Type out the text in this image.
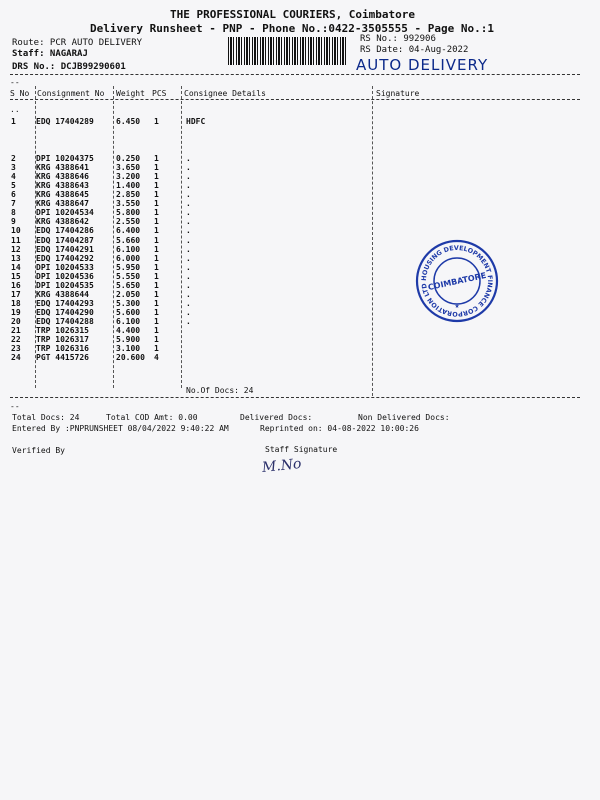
THE PROFESSIONAL COURIERS, Coimbatore
Delivery Runsheet - PNP - Phone No.:0422-3505555 - Page No.:1
Route: PCR AUTO DELIVERY
Staff: NAGARAJ
DRS No.: DCJB99290601
RS No.: 992906
RS Date: 04-Aug-2022
AUTO DELIVERY
--
S No Consignment No Weight PCS Consignee Details	Signature
..
1	EDQ 17404289	6.450 1	HDFC
2	DPI 10204375	0.250 1	.
3	KRG 4388641	3.650 1	.
4	KRG 4388646	3.200 1	.
5	KRG 4388643	1.400 1	.
6	KRG 4388645	2.850 1	.
7	KRG 4388647	3.550 1	.
8	DPI 10204534	5.800 1	.
9	KRG 4388642	2.550 1	.
10 EDQ 17404286	6.400 1	.
11 EDQ 17404287	5.660 1	.
12 EDQ 17404291	6.100 1	.
13 EDQ 17404292	6.000 1	.
14 DPI 10204533	5.950 1	.
15 DPI 10204536	5.550 1	.
16 DPI 10204535	5.650 1	.
17 KRG 4388644	2.050 1	.
18 EDQ 17404293	5.300 1	.
19 EDQ 17404290	5.600 1	.
20 EDQ 17404288	6.100 1	.
21 TRP 1026315	4.400 1
22 TRP 1026317	5.900 1
23 TRP 1026316	3.100 1
24 PGT 4415726	20.600 4
No.Of Docs: 24
--
Total Docs: 24	Total COD Amt: 0.00	Delivered Docs:	Non Delivered Docs:
Entered By :PNPRUNSHEET 08/04/2022 9:40:22 AM	Reprinted on: 04-08-2022 10:00:26
Verified By	Staff Signature
M.No
HOUSING DEVELOPMENT FINANCE CORPORATION LTD
COIMBATORE
★
